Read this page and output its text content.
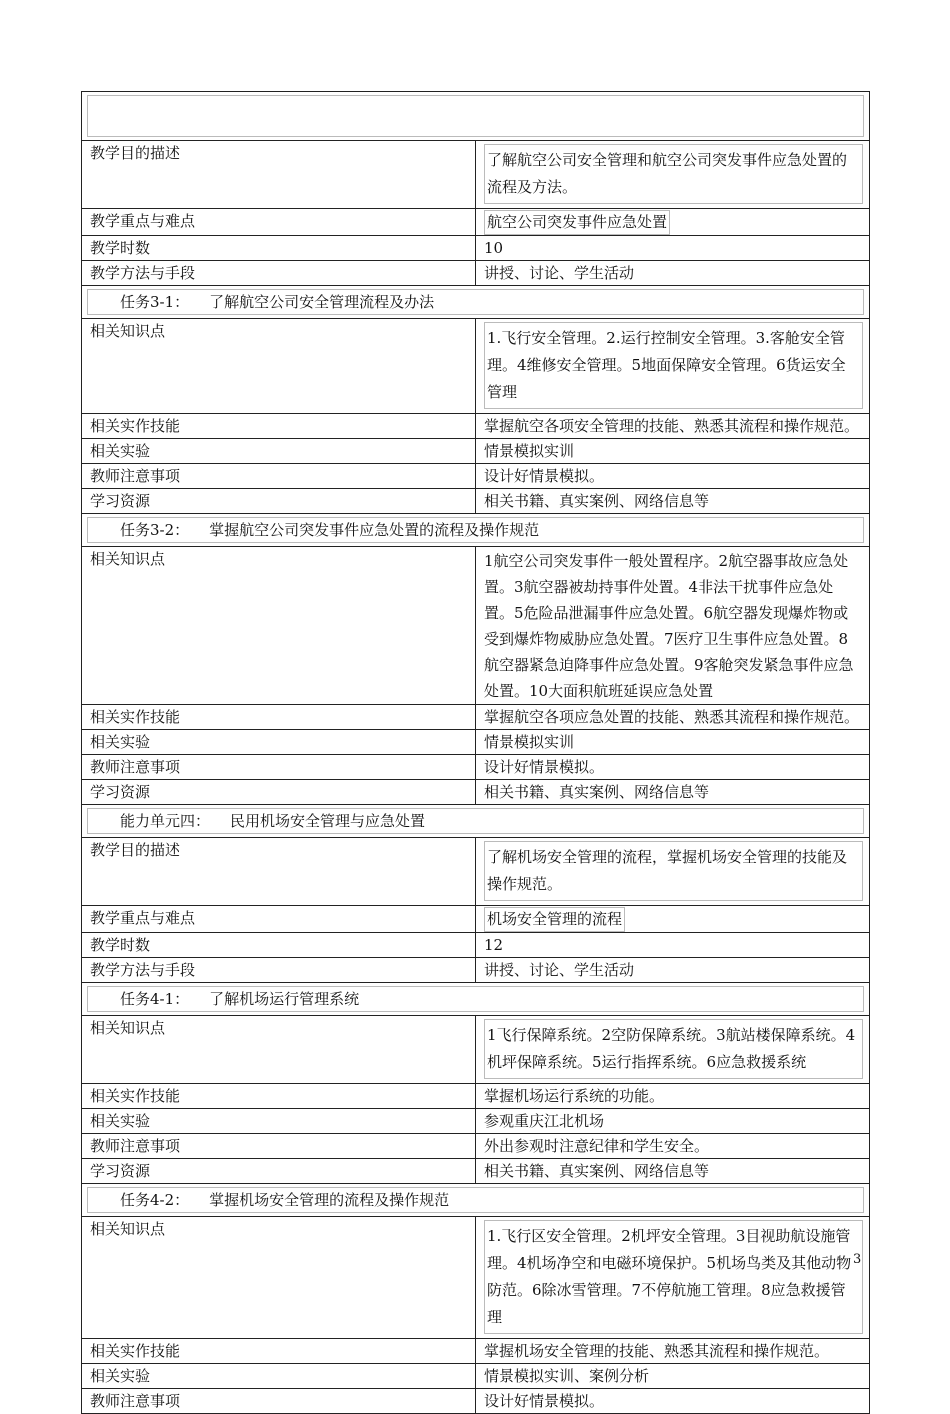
教学目的描述	了解航空公司安全管理和航空公司突发事件应急处置的流程及方法。

教学重点与难点	航空公司突发事件应急处置
教学时数	10

教学方法与手段	讲授、讨论、学生活动

任务3-1： 了解航空公司安全管理流程及办法	

相关知识点	1.飞行安全管理。2.运行控制安全管理。3.客舱安全管理。4维修安全管理。5地面保障安全管理。6货运安全管理

相关实作技能	掌握航空各项安全管理的技能、熟悉其流程和操作规范。

相关实验	情景模拟实训

教师注意事项	设计好情景模拟。

学习资源	相关书籍、真实案例、网络信息等

任务3-2： 掌握航空公司突发事件应急处置的流程及操作规范	

相关知识点	1航空公司突发事件一般处置程序。2航空器事故应急处置。3航空器被劫持事件处置。4非法干扰事件应急处置。5危险品泄漏事件应急处置。6航空器发现爆炸物或受到爆炸物威胁应急处置。7医疗卫生事件应急处置。8航空器紧急迫降事件应急处置。9客舱突发紧急事件应急处置。10大面积航班延误应急处置

相关实作技能	掌握航空各项应急处置的技能、熟悉其流程和操作规范。

相关实验	情景模拟实训

教师注意事项	设计好情景模拟。

学习资源	相关书籍、真实案例、网络信息等

能力单元四： 民用机场安全管理与应急处置	

教学目的描述	了解机场安全管理的流程，掌握机场安全管理的技能及操作规范。

教学重点与难点	机场安全管理的流程
教学时数	12

教学方法与手段	讲授、讨论、学生活动

任务4-1： 了解机场运行管理系统	

相关知识点	1飞行保障系统。2空防保障系统。3航站楼保障系统。4机坪保障系统。5运行指挥系统。6应急救援系统

相关实作技能	掌握机场运行系统的功能。

相关实验	参观重庆江北机场

教师注意事项	外出参观时注意纪律和学生安全。

学习资源	相关书籍、真实案例、网络信息等

任务4-2： 掌握机场安全管理的流程及操作规范	

相关知识点	1.飞行区安全管理。2机坪安全管理。3目视助航设施管理。4机场净空和电磁环境保护。5机场鸟类及其他动物防范。6除冰雪管理。7不停航施工管理。8应急救援管理

相关实作技能	掌握机场安全管理的技能、熟悉其流程和操作规范。

相关实验	情景模拟实训、案例分析

教师注意事项	设计好情景模拟。
3
